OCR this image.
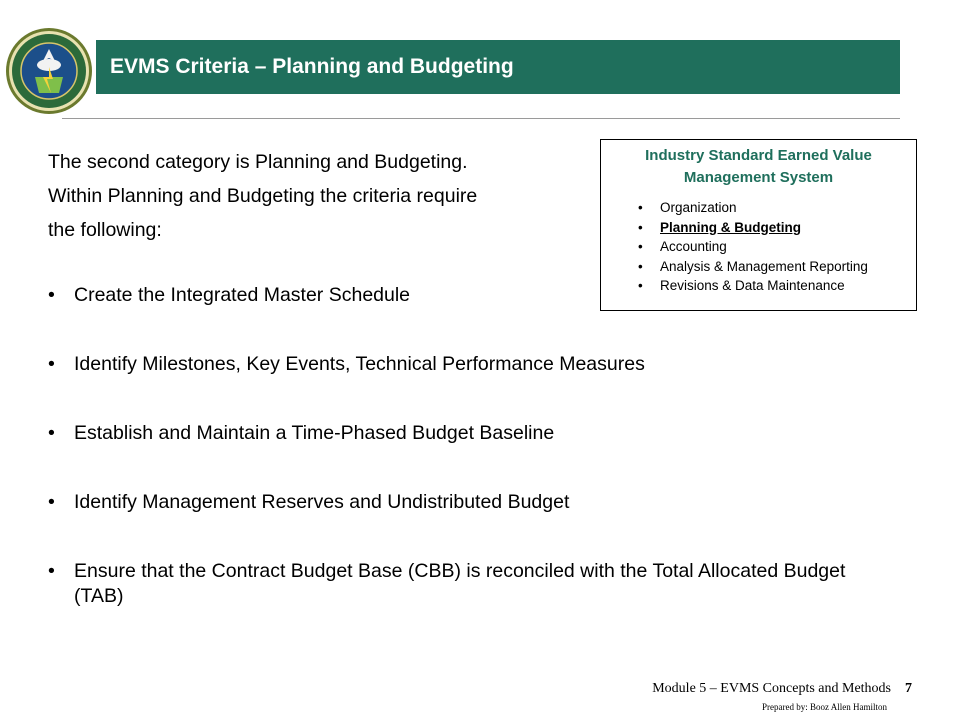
EVMS Criteria – Planning and Budgeting

The second category is Planning and Budgeting.

Within Planning and Budgeting the criteria require

the following:

• Create the Integrated Master Schedule
• Identify Milestones, Key Events, Technical Performance Measures
• Establish and Maintain a Time-Phased Budget Baseline
• Identify Management Reserves and Undistributed Budget
• Ensure that the Contract Budget Base (CBB) is reconciled with the Total Allocated Budget (TAB)
Industry Standard Earned Value
Management System
• Organization
• Planning & Budgeting
• Accounting
• Analysis & Management Reporting
• Revisions & Data Maintenance
Module 5 – EVMS Concepts and Methods 7
Prepared by: Booz Allen Hamilton
